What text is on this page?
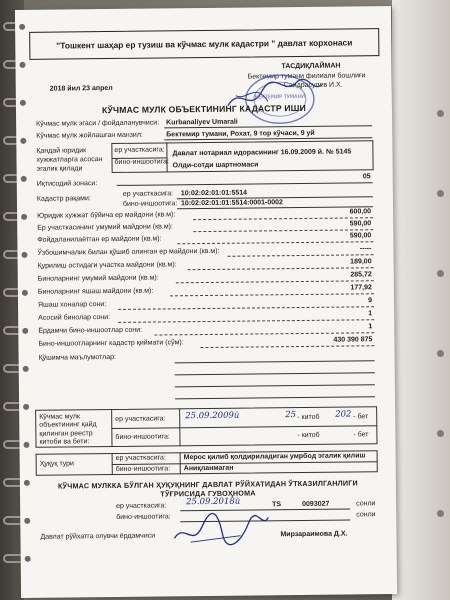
"Тошкент шаҳар ер тузиш ва кўчмас мулк кадастри " давлат корхонаси
ТАСДИҚЛАЙМАН
Бектемир тумани филиали бошлиғи
Саидрасулев И.Х.
2018 йил 23 апрел
БЕКТЕМИР ТУМАНИ
КЎЧМАС МУЛК ОБЪЕКТИНИНГ КАДАСТР ИШИ
Кўчмас мулк эгаси / фойдаланувчиси: Kurbanaliyev Umarali
Кўчмас мулк жойлашган манзил:	Бектемир тумани, Рохат, 9 тор кўчаси, 9 уй
Қандай юридик
хужжатларга асосан
эгалик қилади
ер участкасига: Давлат нотариал идорасининг 16.09.2009 й. № 5145
бино-иншоотига: Олди-сотди шартномаси
Иқтисодий зонаси:
05
Кадастр рақами:
ер участкасига: 10:02:02:01:01:5514
бино-иншоотига: 10:02:02:01:01:5514:0001-0002
Юридик хужжат бўйича ер майдони (кв.м):	600,00
Ер участкасининг умумий майдони (кв.м):	590,00
Фойдаланилаётган ер майдони (кв.м):	590,00
Ўзбошимчалик билан қўшиб олинган ер майдони (кв.м):	-----
Қурилиш остидаги участка майдони (кв.м):	189,00
Биноларнинг умумий майдони (кв.м):	285,72
Биноларнинг яшаш майдони (кв.м):	177,92
Яшаш хоналар сони:
9
Асосий бинолар сони:
1
Ёрдамчи бино-иншоотлар сони:	1
Бино-иншоотларнинг кадастр қиймати (сўм):	430 390 875
Қўшимча маълумотлар:
Кўчмас мулк
объектининг қайд
қилинган реестр
китоби ва бети:
ер участкасига: 25.09.2009й	25 - китоб 202 - бет
бино-иншоотига:	- китоб	- бет
Ҳуқуқ тури
ер участкасига:	Мерос қилиб қолдириладиган умрбод эгалик қилиш
бино-иншоотига: Аниқланмаган
КЎЧМАС МУЛККА БЎЛГАН ҲУҚУҚНИНГ ДАВЛАТ РЎЙХАТИДАН ЎТКАЗИЛГАНЛИГИ
ТЎҒРИСИДА ГУВОҲНОМА
ер участкасига: 25.09.2018й	TS	0093027	сонли
бино-иншоотига:	сонли
Давлат рўйхатга олувчи ёрдамчиси	Мирзараимова Д.Х.
